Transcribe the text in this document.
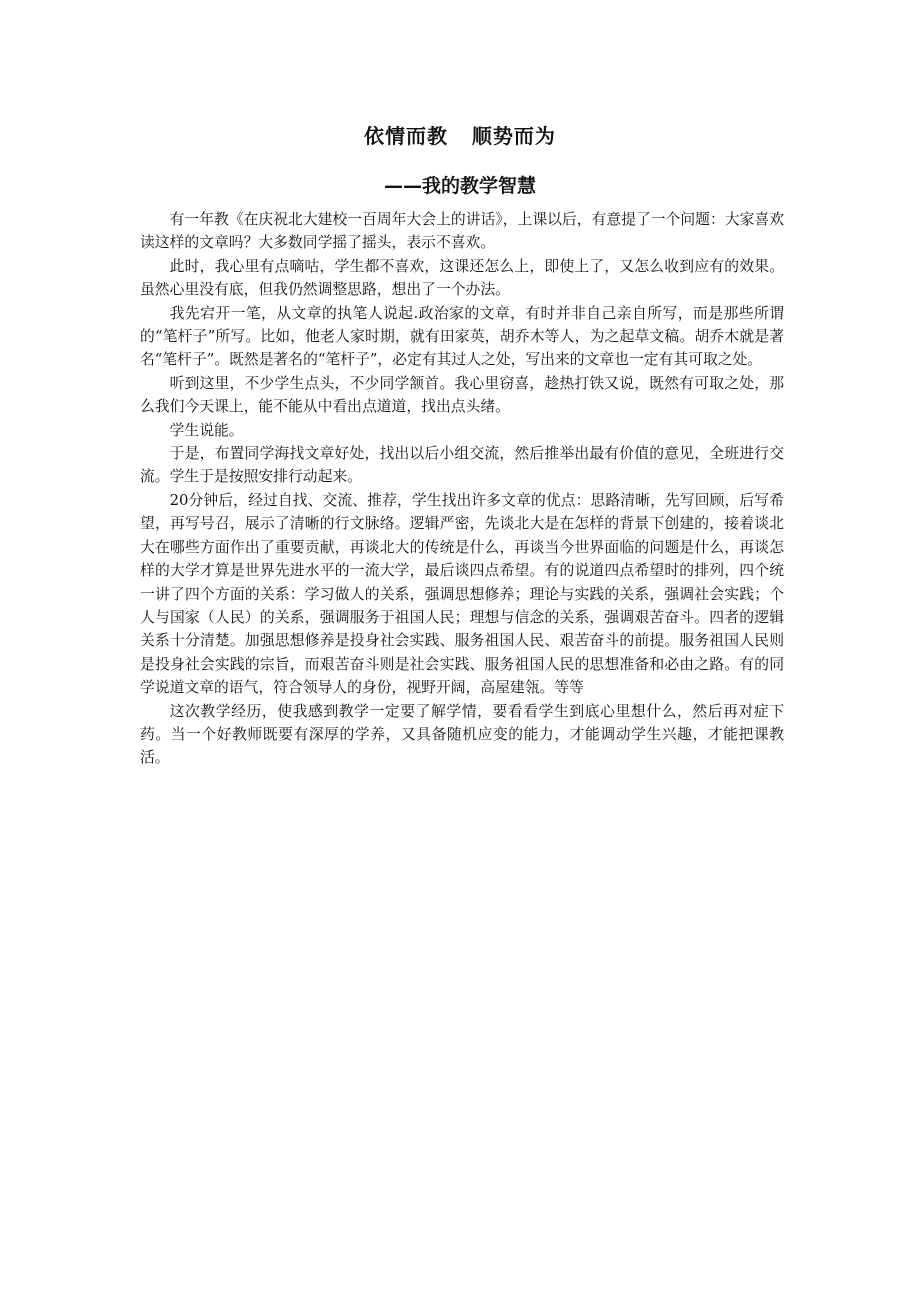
依情而教   顺势而为
——我的教学智慧

有一年教《在庆祝北大建校一百周年大会上的讲话》，上课以后，有意提了一个问题：大家喜欢读这样的文章吗？大多数同学摇了摇头，表示不喜欢。

此时，我心里有点嘀咕，学生都不喜欢，这课还怎么上，即使上了，又怎么收到应有的效果。虽然心里没有底，但我仍然调整思路，想出了一个办法。

我先宕开一笔，从文章的执笔人说起.政治家的文章，有时并非自己亲自所写，而是那些所谓的“笔杆子”所写。比如，他老人家时期，就有田家英，胡乔木等人，为之起草文稿。胡乔木就是著名“笔杆子”。既然是著名的“笔杆子”，必定有其过人之处，写出来的文章也一定有其可取之处。

听到这里，不少学生点头，不少同学颔首。我心里窃喜，趁热打铁又说，既然有可取之处，那么我们今天课上，能不能从中看出点道道，找出点头绪。

学生说能。

于是，布置同学海找文章好处，找出以后小组交流，然后推举出最有价值的意见，全班进行交流。学生于是按照安排行动起来。

20分钟后，经过自找、交流、推荐，学生找出许多文章的优点：思路清晰，先写回顾，后写希望，再写号召，展示了清晰的行文脉络。逻辑严密，先谈北大是在怎样的背景下创建的，接着谈北大在哪些方面作出了重要贡献，再谈北大的传统是什么，再谈当今世界面临的问题是什么，再谈怎样的大学才算是世界先进水平的一流大学，最后谈四点希望。有的说道四点希望时的排列，四个统一讲了四个方面的关系：学习做人的关系，强调思想修养；理论与实践的关系，强调社会实践；个人与国家（人民）的关系，强调服务于祖国人民；理想与信念的关系，强调艰苦奋斗。四者的逻辑关系十分清楚。加强思想修养是投身社会实践、服务祖国人民、艰苦奋斗的前提。服务祖国人民则是投身社会实践的宗旨，而艰苦奋斗则是社会实践、服务祖国人民的思想准备和必由之路。有的同学说道文章的语气，符合领导人的身份，视野开阔，高屋建瓴。等等

这次教学经历，使我感到教学一定要了解学情，要看看学生到底心里想什么，然后再对症下药。当一个好教师既要有深厚的学养，又具备随机应变的能力，才能调动学生兴趣，才能把课教活。
